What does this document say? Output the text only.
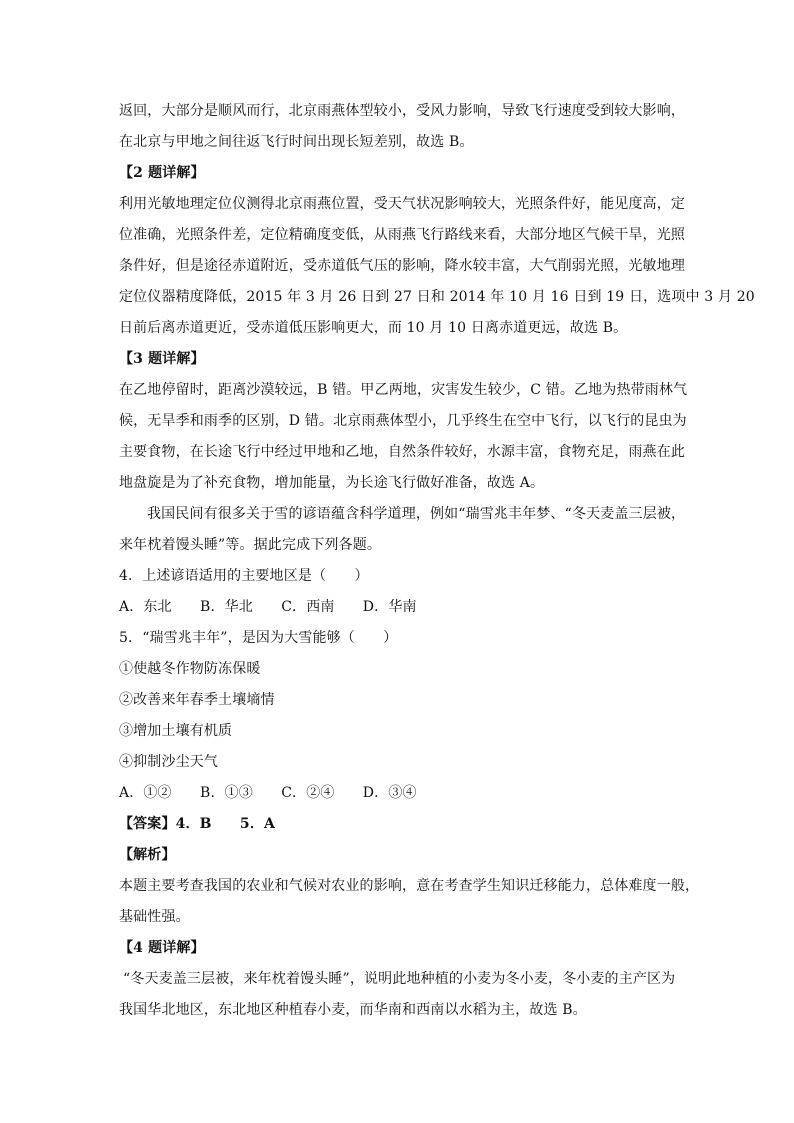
返回，大部分是顺风而行，北京雨燕体型较小，受风力影响，导致飞行速度受到较大影响，
在北京与甲地之间往返飞行时间出现长短差别，故选 B。
【2 题详解】
利用光敏地理定位仪测得北京雨燕位置，受天气状况影响较大，光照条件好，能见度高，定
位准确，光照条件差，定位精确度变低，从雨燕飞行路线来看，大部分地区气候干旱，光照
条件好，但是途径赤道附近，受赤道低气压的影响，降水较丰富，大气削弱光照，光敏地理
定位仪器精度降低，2015 年 3 月 26 日到 27 日和 2014 年 10 月 16 日到 19 日，选项中 3 月 20
日前后离赤道更近，受赤道低压影响更大，而 10 月 10 日离赤道更远，故选 B。
【3 题详解】
在乙地停留时，距离沙漠较远，B 错。甲乙两地，灾害发生较少，C 错。乙地为热带雨林气
候，无旱季和雨季的区别，D 错。北京雨燕体型小，几乎终生在空中飞行，以飞行的昆虫为
主要食物，在长途飞行中经过甲地和乙地，自然条件较好，水源丰富，食物充足，雨燕在此
地盘旋是为了补充食物，增加能量，为长途飞行做好准备，故选 A。
我国民间有很多关于雪的谚语蕴含科学道理，例如“瑞雪兆丰年梦、“冬天麦盖三层被，
来年枕着馒头睡”等。据此完成下列各题。
4．上述谚语适用的主要地区是（　　）
A．东北　　B．华北　　C．西南　　D．华南
5．“瑞雪兆丰年”，是因为大雪能够（　　）
①使越冬作物防冻保暖
②改善来年春季土壤墒情
③增加土壤有机质
④抑制沙尘天气
A．①②　　B．①③　　C．②④　　D．③④
【答案】4．B　　5．A
【解析】
本题主要考查我国的农业和气候对农业的影响，意在考查学生知识迁移能力，总体难度一般，
基础性强。
【4 题详解】
“冬天麦盖三层被，来年枕着馒头睡”，说明此地种植的小麦为冬小麦，冬小麦的主产区为
我国华北地区，东北地区种植春小麦，而华南和西南以水稻为主，故选 B。
